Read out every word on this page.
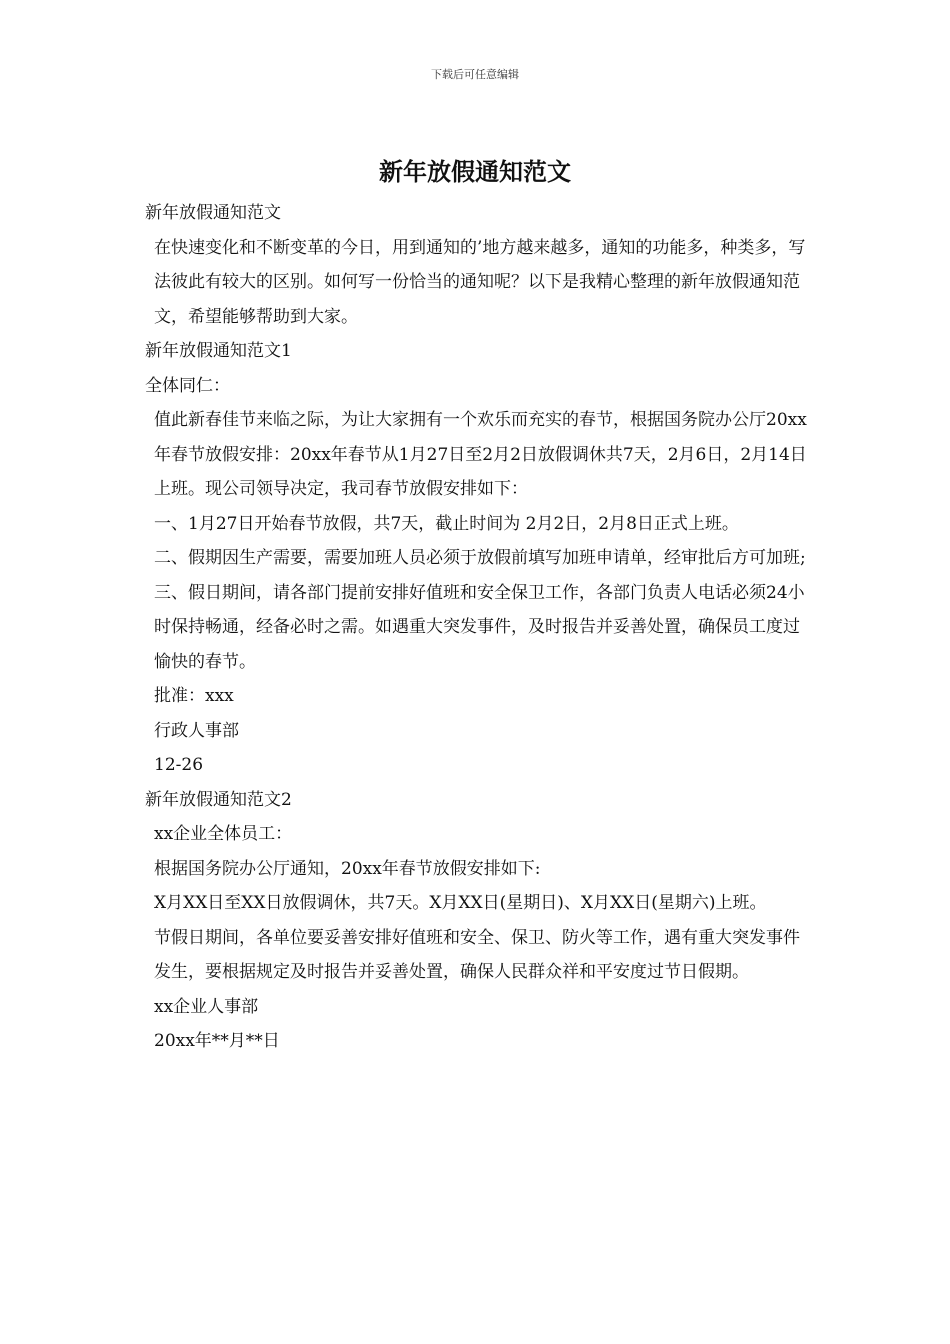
下载后可任意编辑
新年放假通知范文

新年放假通知范文

在快速变化和不断变革的今日，用到通知的’地方越来越多，通知的功能多，种类多，写法彼此有较大的区别。如何写一份恰当的通知呢？以下是我精心整理的新年放假通知范文，希望能够帮助到大家。

新年放假通知范文1

全体同仁：

值此新春佳节来临之际，为让大家拥有一个欢乐而充实的春节，根据国务院办公厅20xx年春节放假安排：20xx年春节从1月27日至2月2日放假调休共7天，2月6日，2月14日上班。现公司领导决定，我司春节放假安排如下：

一、1月27日开始春节放假，共7天，截止时间为 2月2日，2月8日正式上班。

二、假期因生产需要，需要加班人员必须于放假前填写加班申请单，经审批后方可加班;

三、假日期间，请各部门提前安排好值班和安全保卫工作，各部门负责人电话必须24小时保持畅通，经备必时之需。如遇重大突发事件，及时报告并妥善处置，确保员工度过愉快的春节。

批准：xxx

行政人事部

12-26

新年放假通知范文2

xx企业全体员工：

根据国务院办公厅通知，20xx年春节放假安排如下:

X月XX日至XX日放假调休，共7天。X月XX日(星期日)、X月XX日(星期六)上班。

节假日期间，各单位要妥善安排好值班和安全、保卫、防火等工作，遇有重大突发事件发生，要根据规定及时报告并妥善处置，确保人民群众祥和平安度过节日假期。

xx企业人事部

20xx年**月**日
